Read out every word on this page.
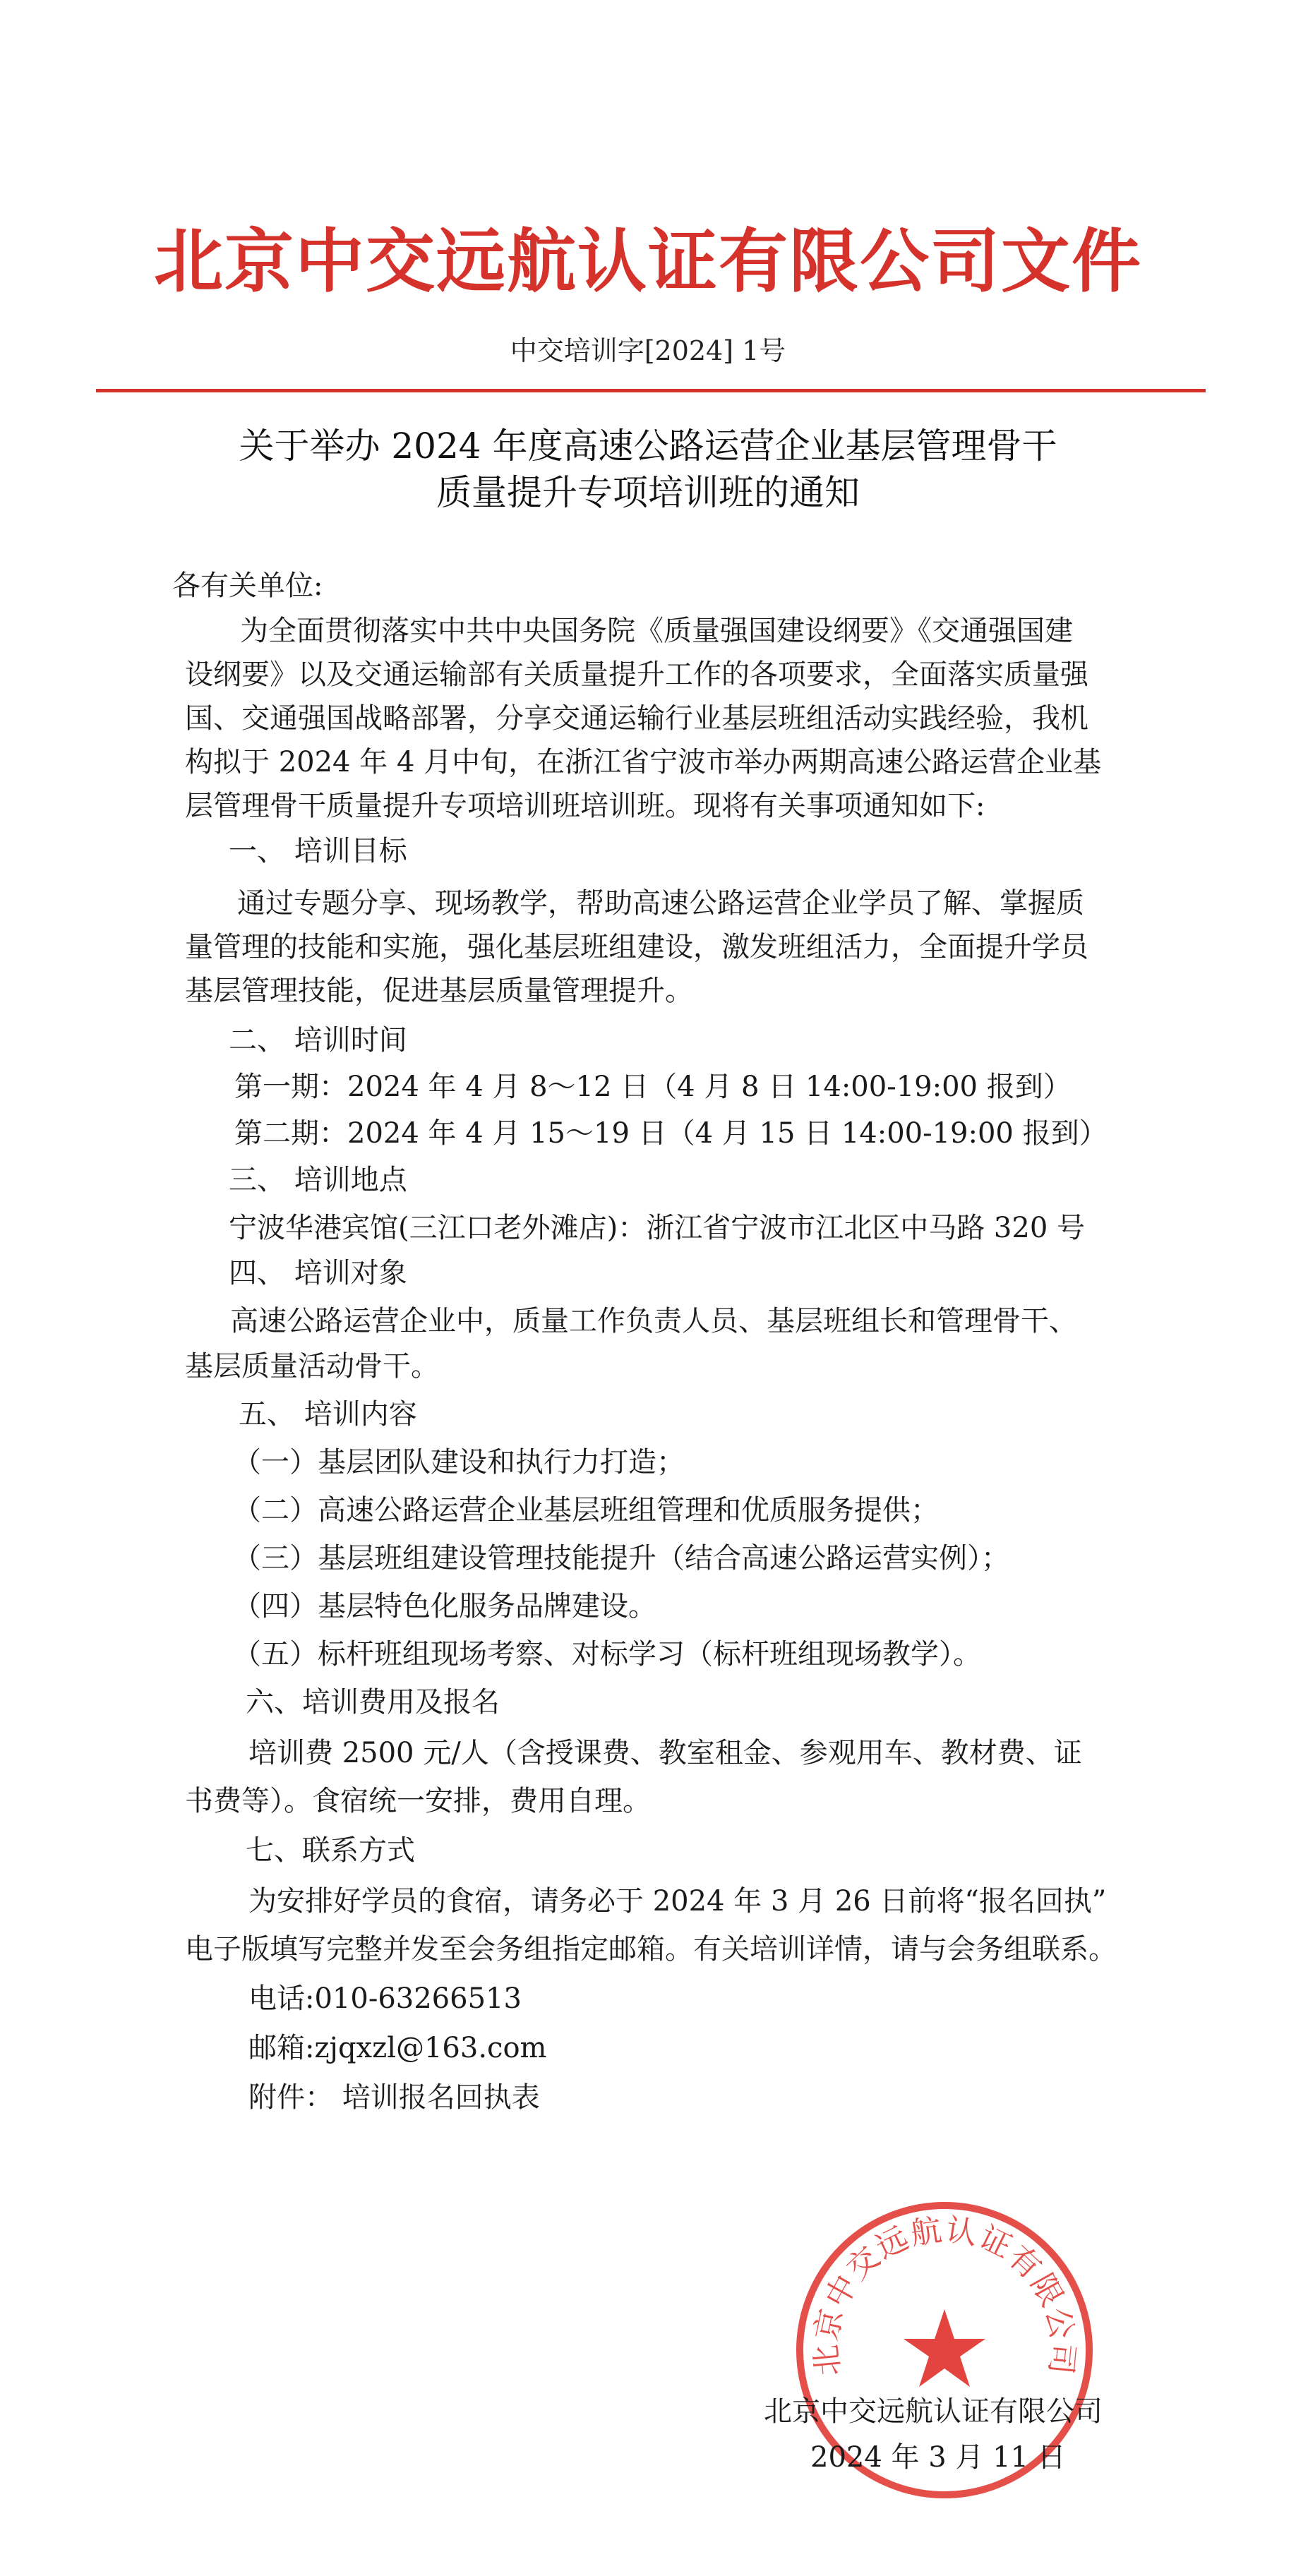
北京中交远航认证有限公司文件
中交培训字[2024] 1号
关于举办 2024 年度高速公路运营企业基层管理骨干
质量提升专项培训班的通知
各有关单位:
为全面贯彻落实中共中央国务院《质量强国建设纲要》《交通强国建
设纲要》以及交通运输部有关质量提升工作的各项要求，全面落实质量强
国、交通强国战略部署，分享交通运输行业基层班组活动实践经验，我机
构拟于 2024 年 4 月中旬，在浙江省宁波市举办两期高速公路运营企业基
层管理骨干质量提升专项培训班培训班。现将有关事项通知如下:
一、 培训目标
通过专题分享、现场教学，帮助高速公路运营企业学员了解、掌握质
量管理的技能和实施，强化基层班组建设，激发班组活力，全面提升学员
基层管理技能，促进基层质量管理提升。
二、 培训时间
第一期：2024 年 4 月 8～12 日（4 月 8 日 14:00-19:00 报到）
第二期：2024 年 4 月 15～19 日（4 月 15 日 14:00-19:00 报到）
三、 培训地点
宁波华港宾馆(三江口老外滩店)：浙江省宁波市江北区中马路 320 号
四、 培训对象
高速公路运营企业中，质量工作负责人员、基层班组长和管理骨干、
基层质量活动骨干。
五、 培训内容
（一）基层团队建设和执行力打造；
（二）高速公路运营企业基层班组管理和优质服务提供；
（三）基层班组建设管理技能提升（结合高速公路运营实例）；
（四）基层特色化服务品牌建设。
（五）标杆班组现场考察、对标学习（标杆班组现场教学）。
六、培训费用及报名
培训费 2500 元/人（含授课费、教室租金、参观用车、教材费、证
书费等）。食宿统一安排，费用自理。
七、联系方式
为安排好学员的食宿，请务必于 2024 年 3 月 26 日前将“报名回执”
电子版填写完整并发至会务组指定邮箱。有关培训详情，请与会务组联系。
电话:010-63266513
邮箱:zjqxzl@163.com
附件： 培训报名回执表
北京中交远航认证有限公司
北京中交远航认证有限公司
2024 年 3 月 11 日
